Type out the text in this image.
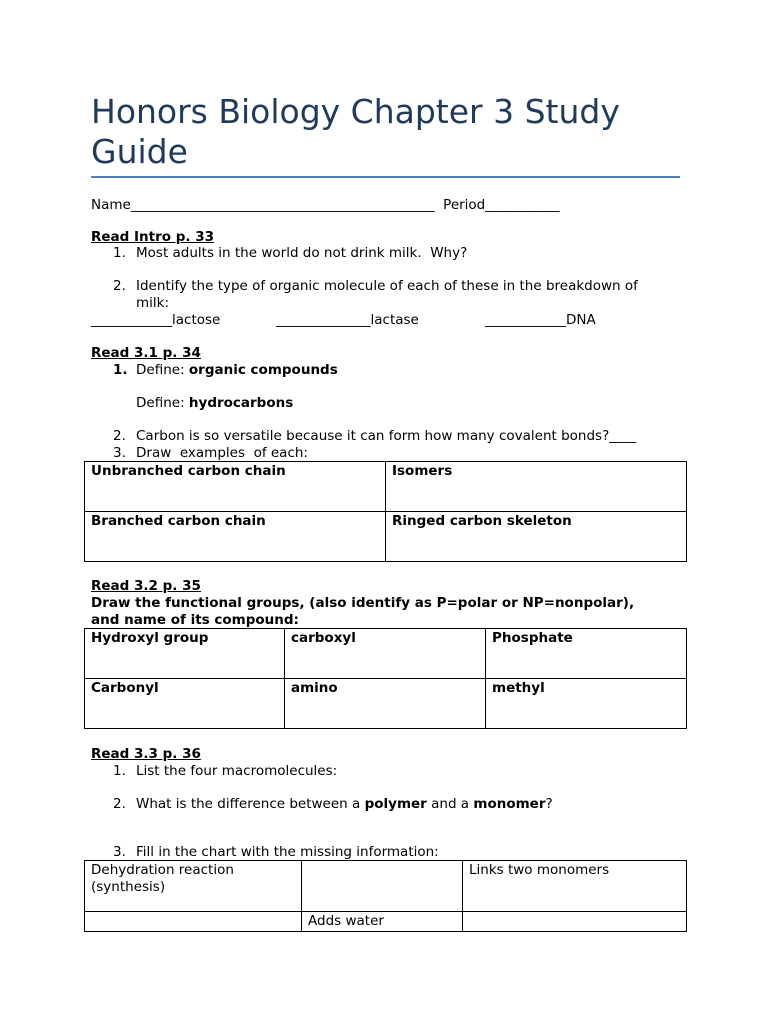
Honors Biology Chapter 3 Study Guide
Name_____________________________________________  Period___________
Read Intro p. 33
1. Most adults in the world do not drink milk.  Why?
2. Identify the type of organic molecule of each of these in the breakdown of
milk:
____________lactose	______________lactase	____________DNA
Read 3.1 p. 34
1. Define: organic compounds
Define: hydrocarbons
2. Carbon is so versatile because it can form how many covalent bonds?____
3. Draw  examples  of each:
Unbranched carbon chain	Isomers
Branched carbon chain	Ringed carbon skeleton
Read 3.2 p. 35
Draw the functional groups, (also identify as P=polar or NP=nonpolar),
and name of its compound:
Hydroxyl group	carboxyl	Phosphate
Carbonyl	amino	methyl
Read 3.3 p. 36
1. List the four macromolecules:
2. What is the difference between a polymer and a monomer?
3. Fill in the chart with the missing information:
Dehydration reaction
(synthesis)		Links two monomers
	Adds water	
